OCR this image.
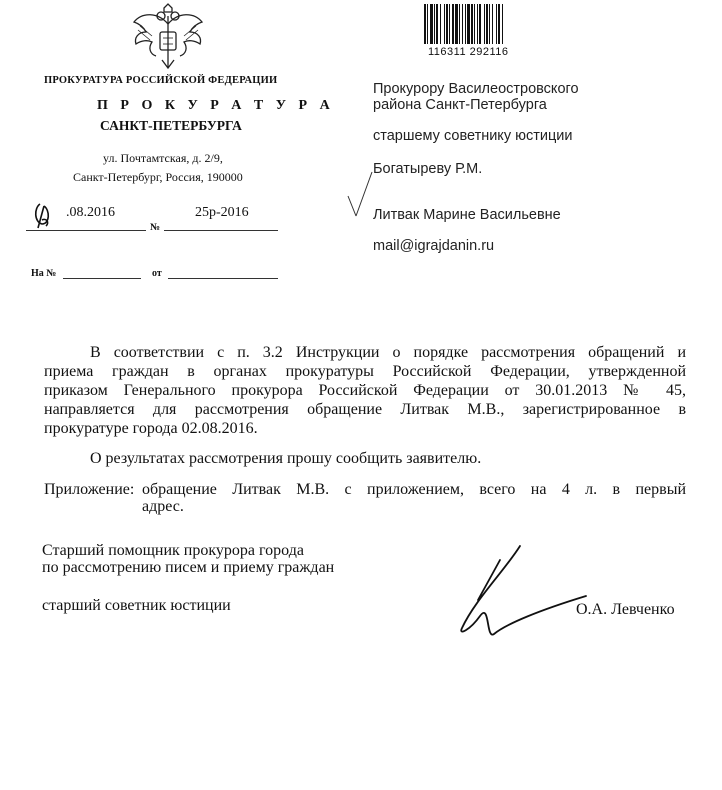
116311 292116
ПРОКУРАТУРА РОССИЙСКОЙ ФЕДЕРАЦИИ
П Р О К У Р А Т У Р А
САНКТ-ПЕТЕРБУРГА
ул. Почтамтская, д. 2/9,
Санкт-Петербург, Россия, 190000
Прокурору Василеостровского
района Санкт-Петербурга
старшему советнику юстиции
Богатыреву Р.М.
Литвак Марине Васильевне
mail@igrajdanin.ru
.08.2016
№
25р-2016
На №	от
В соответствии с п. 3.2 Инструкции о порядке рассмотрения обращений и
приема граждан в органах прокуратуры Российской Федерации, утвержденной
приказом Генерального прокурора Российской Федерации от 30.01.2013 № 45,
направляется для рассмотрения обращение Литвак М.В., зарегистрированное в
прокуратуре города 02.08.2016.
О результатах рассмотрения прошу сообщить заявителю.
Приложение: обращение Литвак М.В. с приложением, всего на 4 л. в первый
адрес.
Старший помощник прокурора города
по рассмотрению писем и приему граждан
старший советник юстиции	О.А. Левченко
